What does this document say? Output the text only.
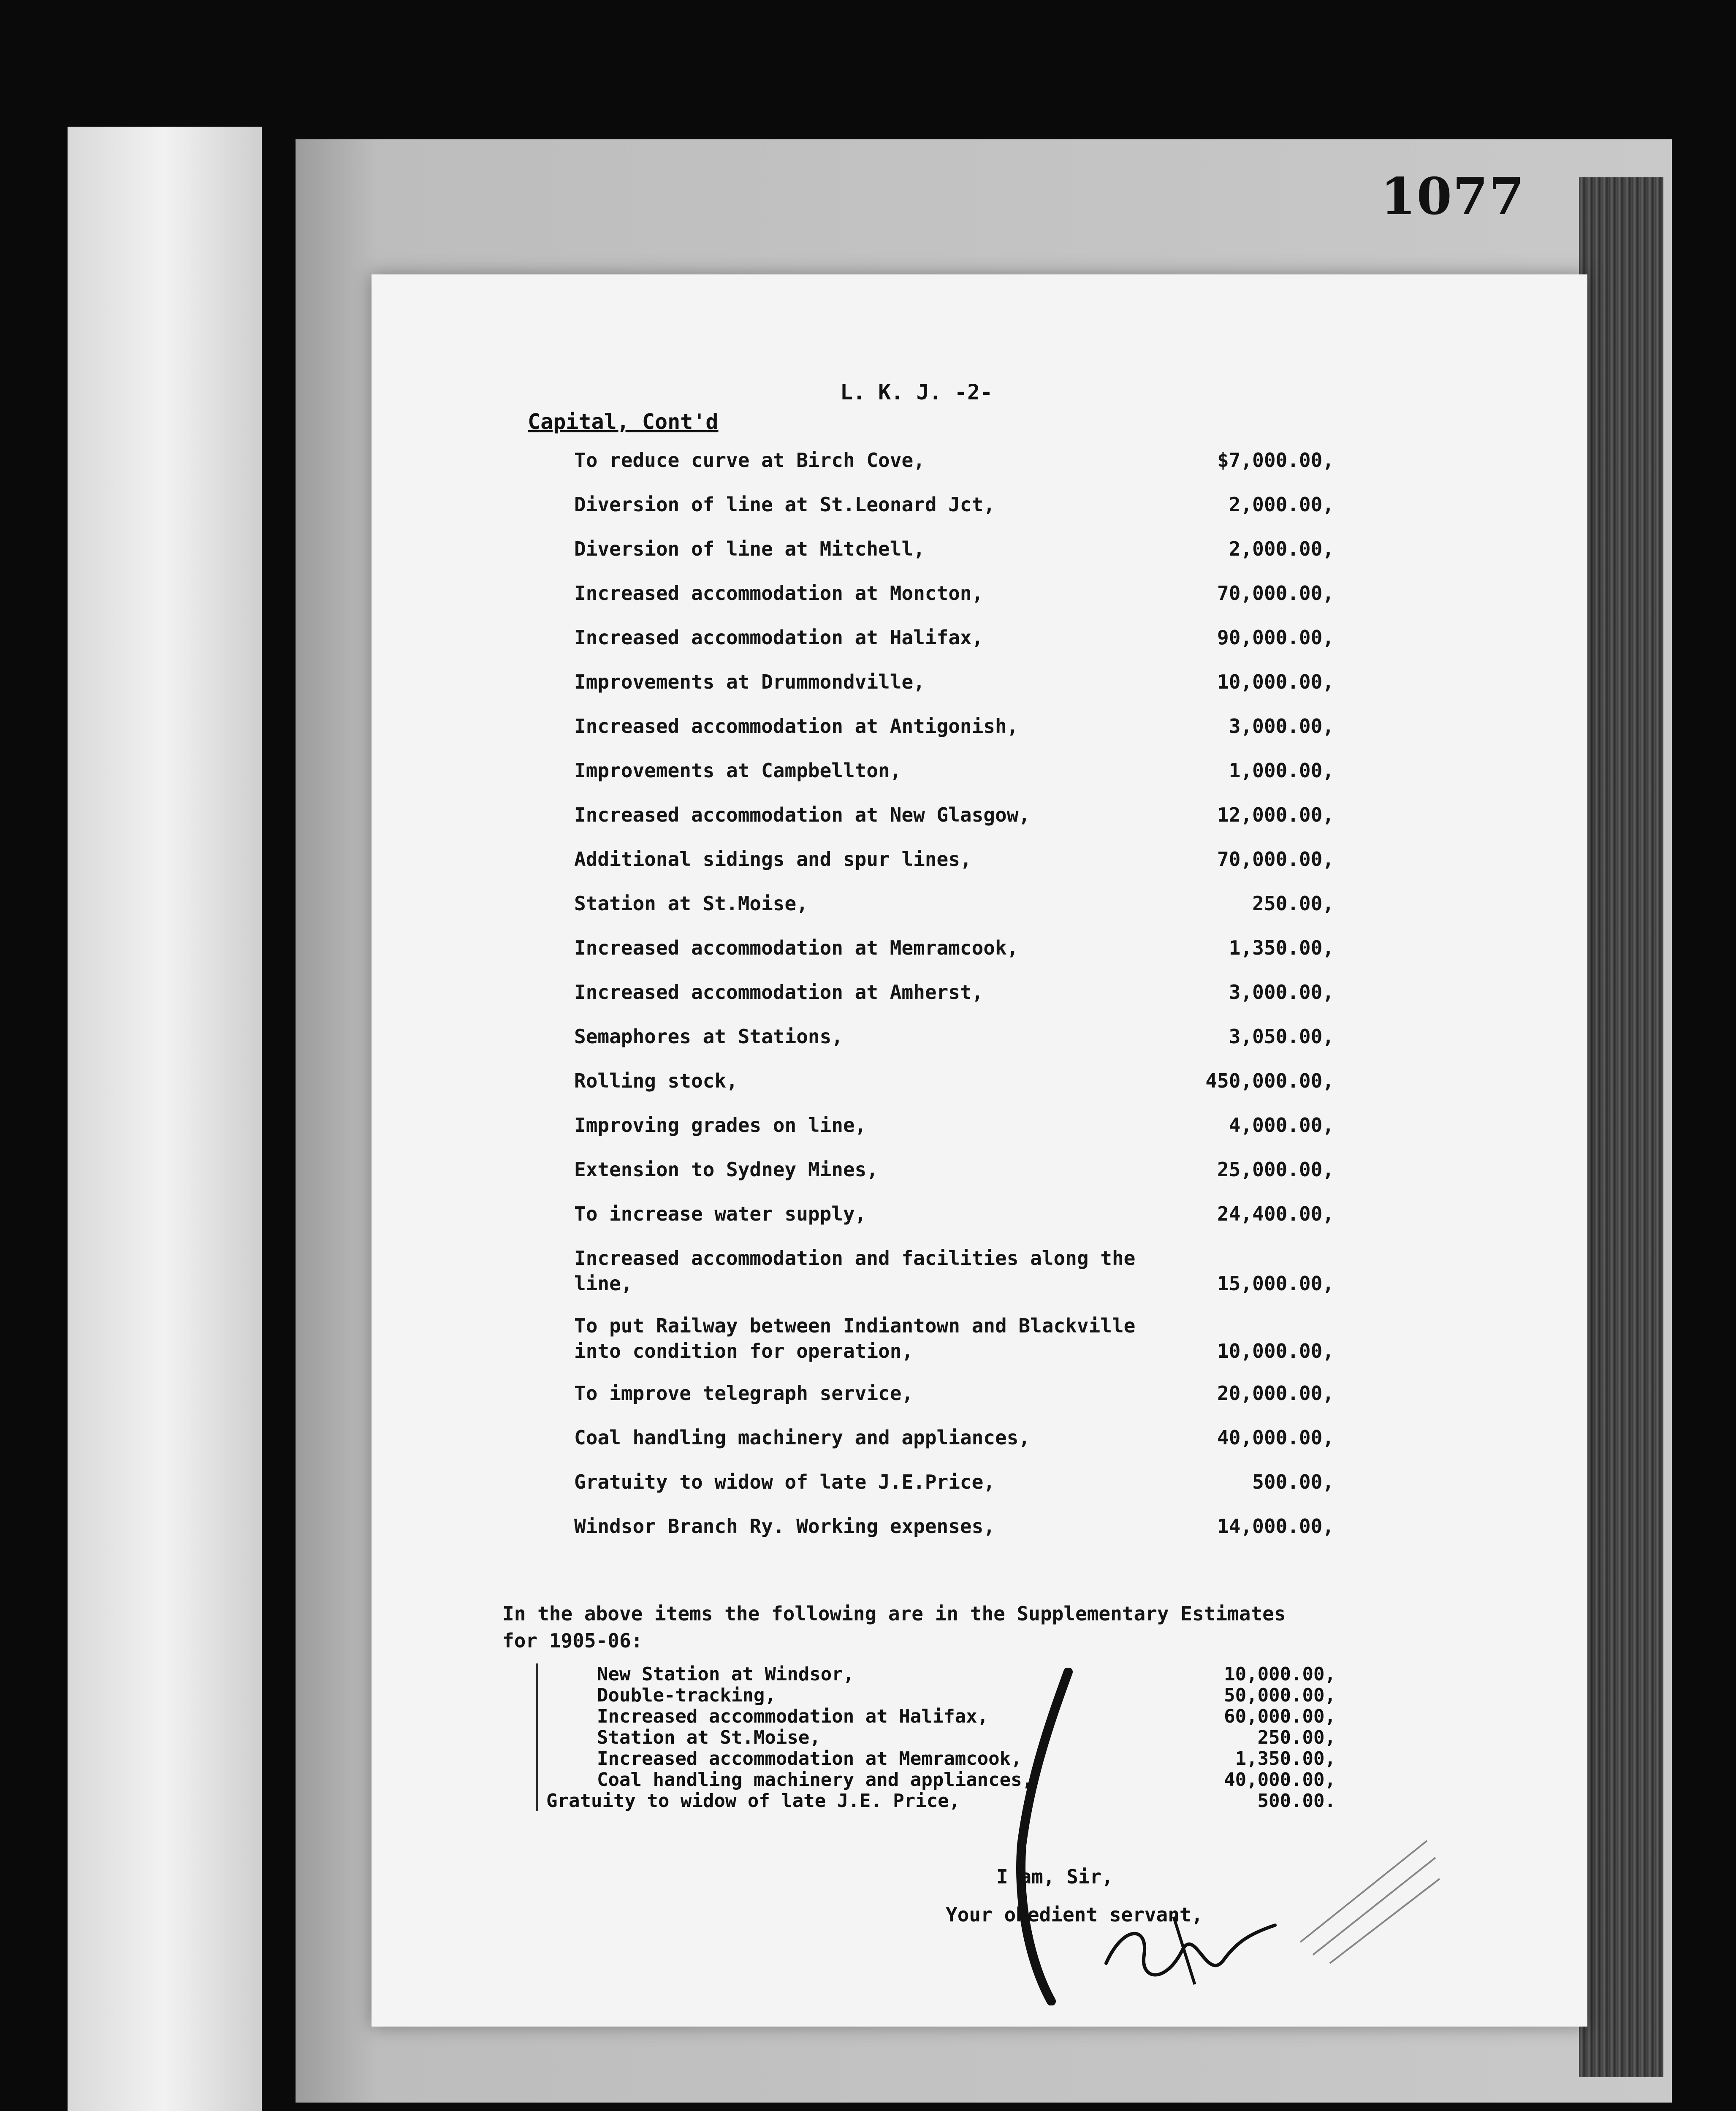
1077
L. K. J. -2-
Capital, Cont'd
To reduce curve at Birch Cove,	$7,000.00,
Diversion of line at St.Leonard Jct,	2,000.00,
Diversion of line at Mitchell,	2,000.00,
Increased accommodation at Moncton,	70,000.00,
Increased accommodation at Halifax,	90,000.00,
Improvements at Drummondville,	10,000.00,
Increased accommodation at Antigonish,	3,000.00,
Improvements at Campbellton,	1,000.00,
Increased accommodation at New Glasgow,	12,000.00,
Additional sidings and spur lines,	70,000.00,
Station at St.Moise,	250.00,
Increased accommodation at Memramcook,	1,350.00,
Increased accommodation at Amherst,	3,000.00,
Semaphores at Stations,	3,050.00,
Rolling stock,	450,000.00,
Improving grades on line,	4,000.00,
Extension to Sydney Mines,	25,000.00,
To increase water supply,	24,400.00,
Increased accommodation and facilities along the line,	15,000.00,
To put Railway between Indiantown and Blackville into condition for operation,	10,000.00,
To improve telegraph service,	20,000.00,
Coal handling machinery and appliances,	40,000.00,
Gratuity to widow of late J.E.Price,	500.00,
Windsor Branch Ry. Working expenses,	14,000.00,
In the above items the following are in the Supplementary Estimates for 1905-06:
New Station at Windsor,	10,000.00,
Double-tracking,	50,000.00,
Increased accommodation at Halifax,	60,000.00,
Station at St.Moise,	250.00,
Increased accommodation at Memramcook,	1,350.00,
Coal handling machinery and appliances,	40,000.00,
Gratuity to widow of late J.E. Price,	500.00.
I am, Sir,
Your obedient servant,
